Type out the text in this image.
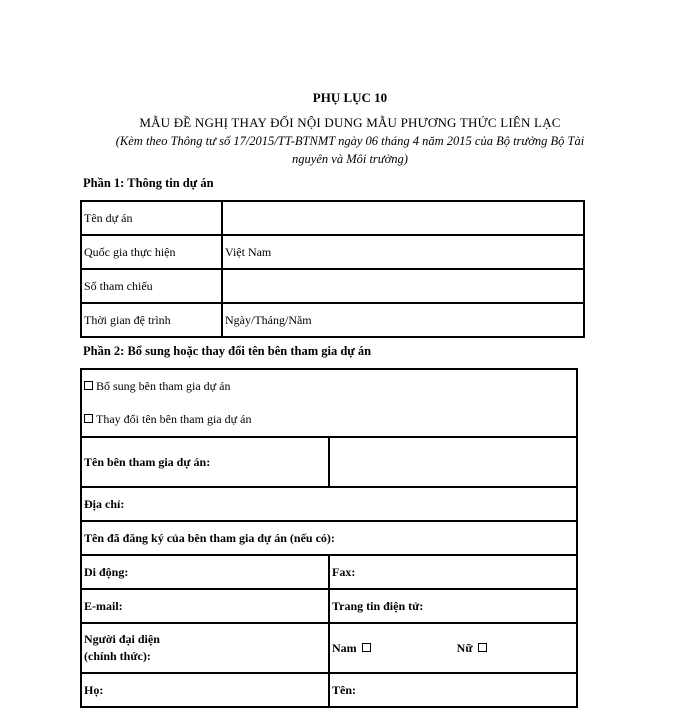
PHỤ LỤC 10
MẪU ĐỀ NGHỊ THAY ĐỔI NỘI DUNG MẪU PHƯƠNG THỨC LIÊN LẠC
(Kèm theo Thông tư số 17/2015/TT-BTNMT ngày 06 tháng 4 năm 2015 của Bộ trưởng Bộ Tài
nguyên và Môi trường)
Phần 1: Thông tin dự án
Tên dự án	
Quốc gia thực hiện	Việt Nam
Số tham chiếu	
Thời gian đệ trình	Ngày/Tháng/Năm
Phần 2: Bổ sung hoặc thay đổi tên bên tham gia dự án
Bổ sung bên tham gia dự án
Thay đổi tên bên tham gia dự án	

Tên bên tham gia dự án:	
Địa chỉ:	
Tên đã đăng ký của bên tham gia dự án (nếu có):	
Di động:	Fax:
E-mail:	Trang tin điện tử:

Người đại diện
(chính thức):	Nam Nữ
Họ:	Tên:
